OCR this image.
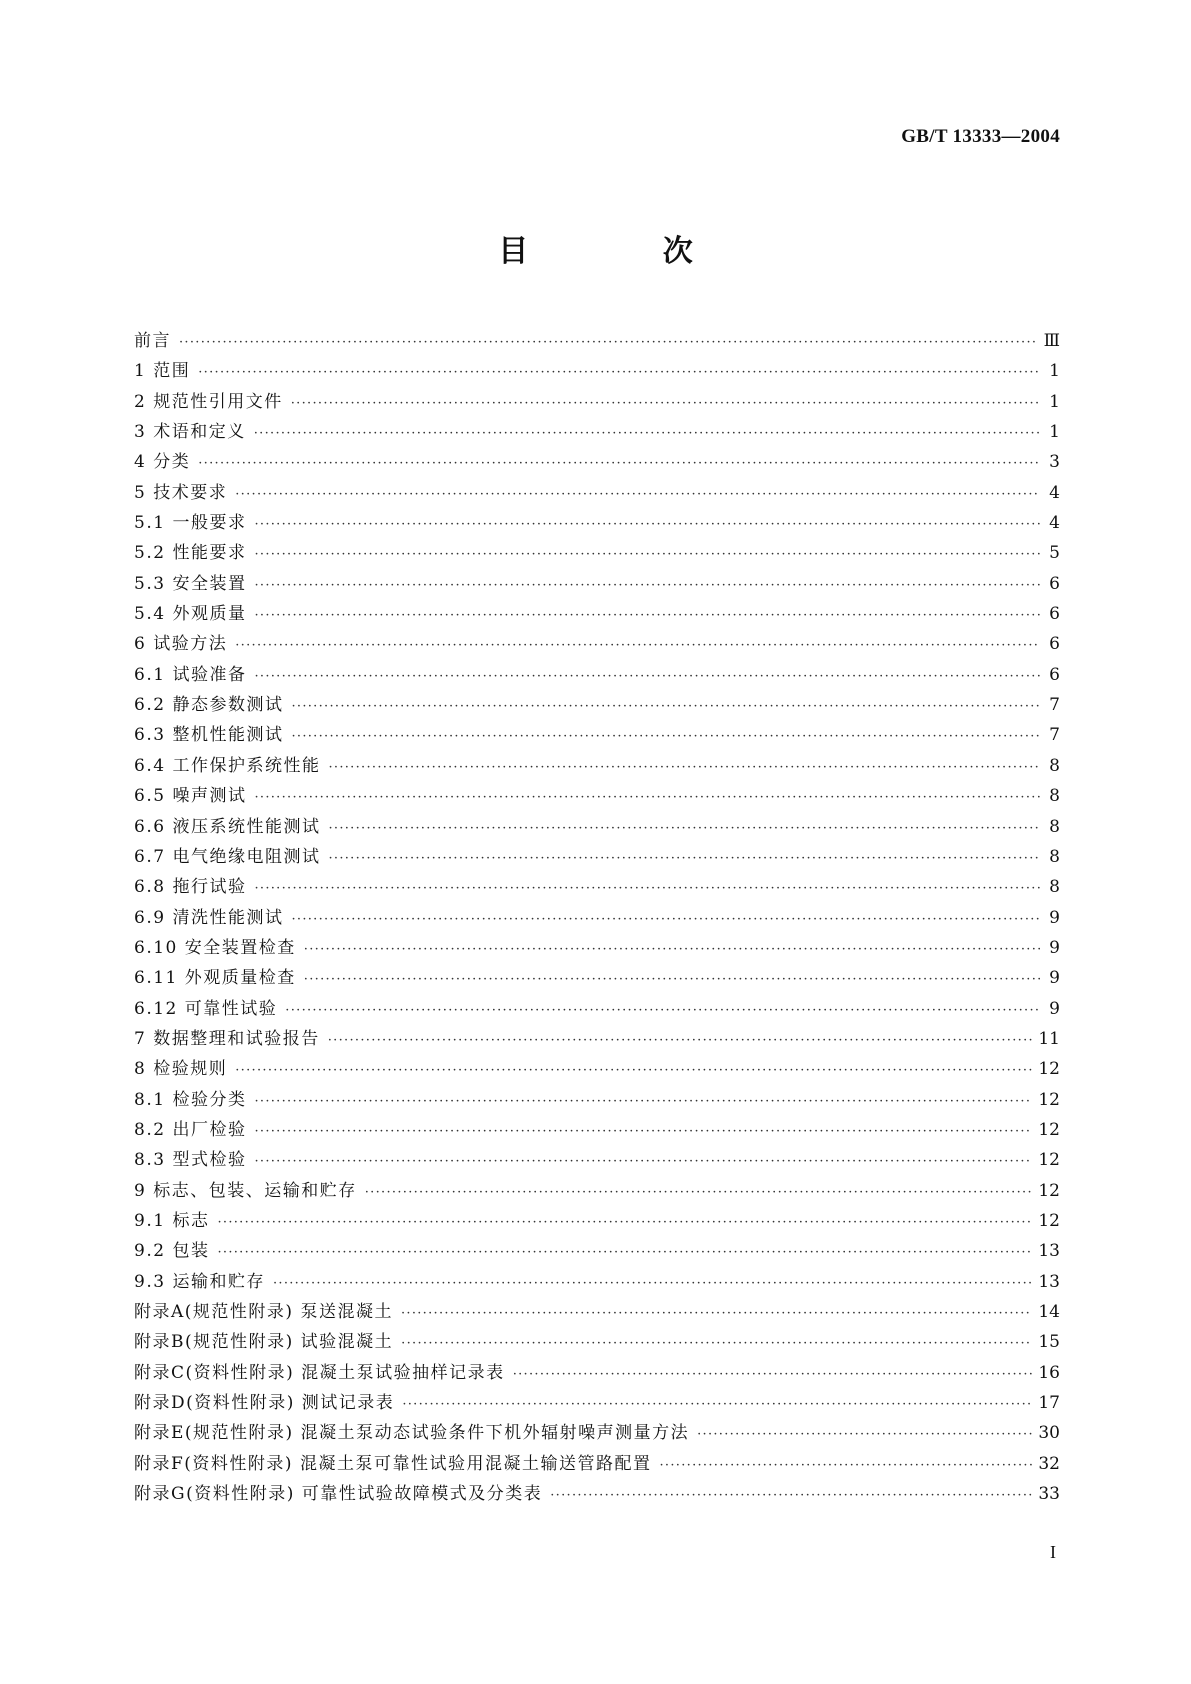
GB/T 13333—2004
目 次
前言 ·····	Ⅲ
1 范围 ·····	1
2 规范性引用文件 ·····	1
3 术语和定义 ·····	1
4 分类 ·····	3
5 技术要求 ·····	4
5.1 一般要求 ·····	4
5.2 性能要求 ·····	5
5.3 安全装置 ·····	6
5.4 外观质量 ·····	6
6 试验方法 ·····	6
6.1 试验准备 ·····	6
6.2 静态参数测试 ·····	7
6.3 整机性能测试 ·····	7
6.4 工作保护系统性能 ·····	8
6.5 噪声测试 ·····	8
6.6 液压系统性能测试 ·····	8
6.7 电气绝缘电阻测试 ·····	8
6.8 拖行试验 ·····	8
6.9 清洗性能测试 ·····	9
6.10 安全装置检查 ·····	9
6.11 外观质量检查 ·····	9
6.12 可靠性试验 ·····	9
7 数据整理和试验报告 ·····	11
8 检验规则 ·····	12
8.1 检验分类 ·····	12
8.2 出厂检验 ·····	12
8.3 型式检验 ·····	12
9 标志、包装、运输和贮存 ·····	12
9.1 标志 ·····	12
9.2 包装 ·····	13
9.3 运输和贮存 ·····	13
附录A(规范性附录) 泵送混凝土 ·····	14
附录B(规范性附录) 试验混凝土 ·····	15
附录C(资料性附录) 混凝土泵试验抽样记录表 ·····	16
附录D(资料性附录) 测试记录表 ·····	17
附录E(规范性附录) 混凝土泵动态试验条件下机外辐射噪声测量方法 ·····	30
附录F(资料性附录) 混凝土泵可靠性试验用混凝土输送管路配置 ·····	32
附录G(资料性附录) 可靠性试验故障模式及分类表 ·····	33
I
